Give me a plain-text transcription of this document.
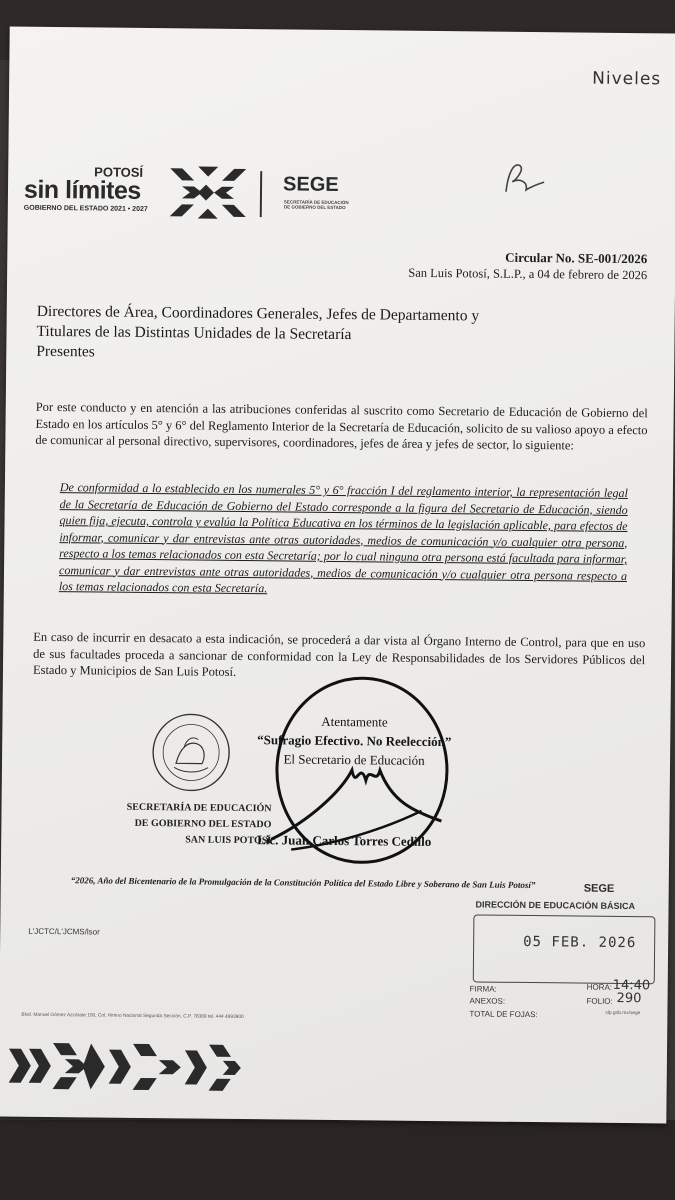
Niveles
POTOSÍ
sin límites
GOBIERNO DEL ESTADO 2021 • 2027
SEGE
SECRETARÍA DE EDUCACIÓN
DE GOBIERNO DEL ESTADO
Circular No. SE-001/2026
San Luis Potosí, S.L.P., a 04 de febrero de 2026
Directores de Área, Coordinadores Generales, Jefes de Departamento y
Titulares de las Distintas Unidades de la Secretaría
Presentes
Por este conducto y en atención a las atribuciones conferidas al suscrito como Secretario de Educación de Gobierno del Estado en los artículos 5° y 6° del Reglamento Interior de la Secretaría de Educación, solicito de su valioso apoyo a efecto de comunicar al personal directivo, supervisores, coordinadores, jefes de área y jefes de sector, lo siguiente:
De conformidad a lo establecido en los numerales 5° y 6° fracción I del reglamento interior, la representación legal de la Secretaría de Educación de Gobierno del Estado corresponde a la figura del Secretario de Educación, siendo quien fija, ejecuta, controla y evalúa la Política Educativa en los términos de la legislación aplicable, para efectos de informar, comunicar y dar entrevistas ante otras autoridades, medios de comunicación y/o cualquier otra persona, respecto a los temas relacionados con esta Secretaría; por lo cual ninguna otra persona está facultada para informar, comunicar y dar entrevistas ante otras autoridades, medios de comunicación y/o cualquier otra persona respecto a los temas relacionados con esta Secretaría.
En caso de incurrir en desacato a esta indicación, se procederá a dar vista al Órgano Interno de Control, para que en uso de sus facultades proceda a sancionar de conformidad con la Ley de Responsabilidades de los Servidores Públicos del Estado y Municipios de San Luis Potosí.
Atentamente
“Sufragio Efectivo. No Reelección”
El Secretario de Educación
SECRETARÍA DE EDUCACIÓN
DE GOBIERNO DEL ESTADO
SAN LUIS POTOSÍ
Lic. Juan Carlos Torres Cedillo
“2026, Año del Bicentenario de la Promulgación de la Constitución Política del Estado Libre y Soberano de San Luis Potosí”	SEGE
DIRECCIÓN DE EDUCACIÓN BÁSICA
05 FEB. 2026
FIRMA:	HORA: 14:40
ANEXOS:	FOLIO: 290
TOTAL DE FOJAS:
L'JCTC/L'JCMS/lsor
Blvd. Manuel Gómez Azcárate 150, Col. Himno Nacional Segunda Sección, C.P. 78369 tel. 444 4993900	slp.gob.mx/sege
